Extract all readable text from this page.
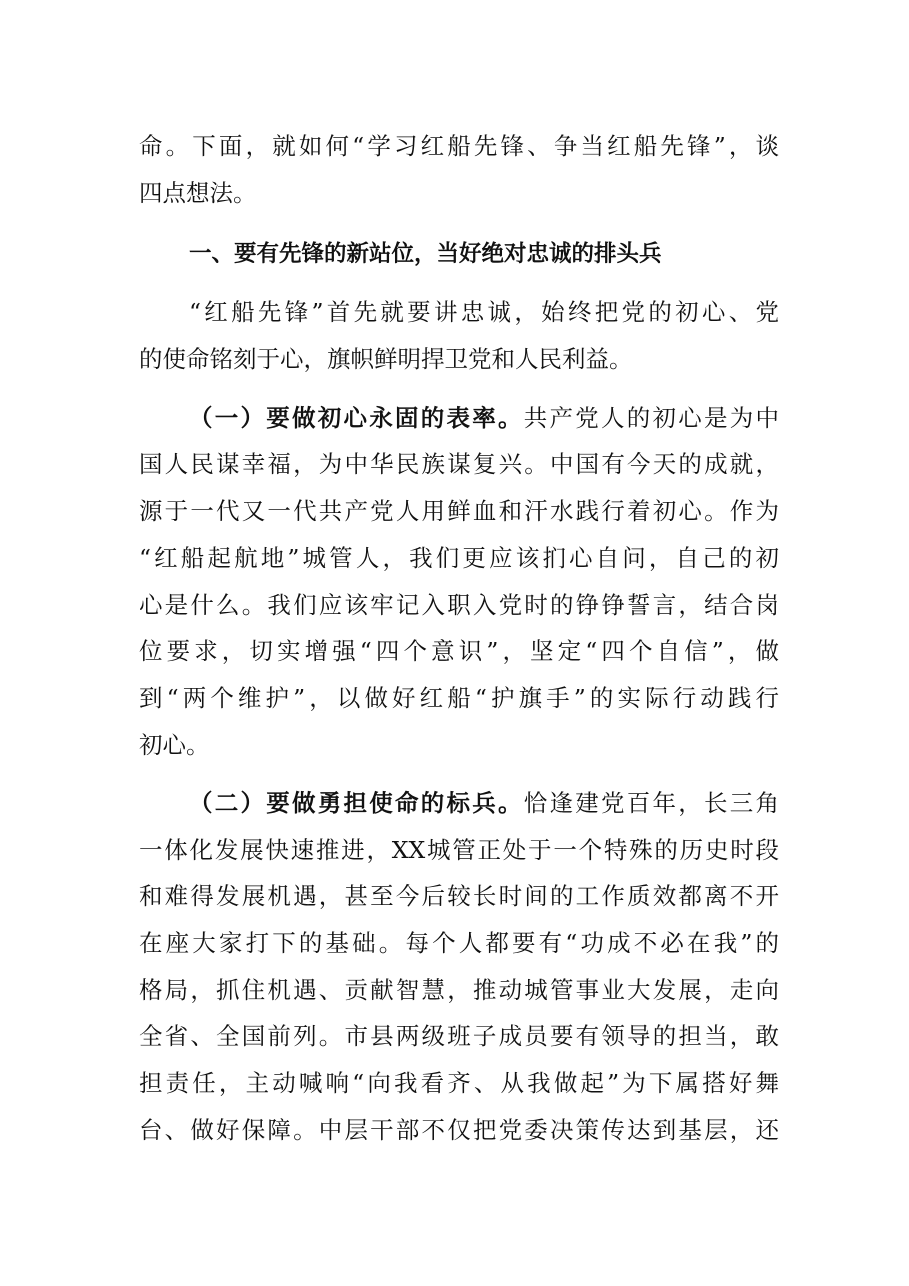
命。下面，就如何“学习红船先锋、争当红船先锋”，谈
四点想法。
一、要有先锋的新站位，当好绝对忠诚的排头兵
“红船先锋”首先就要讲忠诚，始终把党的初心、党
的使命铭刻于心，旗帜鲜明捍卫党和人民利益。
（一）要做初心永固的表率。共产党人的初心是为中
国人民谋幸福，为中华民族谋复兴。中国有今天的成就，
源于一代又一代共产党人用鲜血和汗水践行着初心。作为
“红船起航地”城管人，我们更应该扪心自问，自己的初
心是什么。我们应该牢记入职入党时的铮铮誓言，结合岗
位要求，切实增强“四个意识”，坚定“四个自信”，做
到“两个维护”，以做好红船“护旗手”的实际行动践行
初心。
（二）要做勇担使命的标兵。恰逢建党百年，长三角
一体化发展快速推进，XX城管正处于一个特殊的历史时段
和难得发展机遇，甚至今后较长时间的工作质效都离不开
在座大家打下的基础。每个人都要有“功成不必在我”的
格局，抓住机遇、贡献智慧，推动城管事业大发展，走向
全省、全国前列。市县两级班子成员要有领导的担当，敢
担责任，主动喊响“向我看齐、从我做起”为下属搭好舞
台、做好保障。中层干部不仅把党委决策传达到基层，还
